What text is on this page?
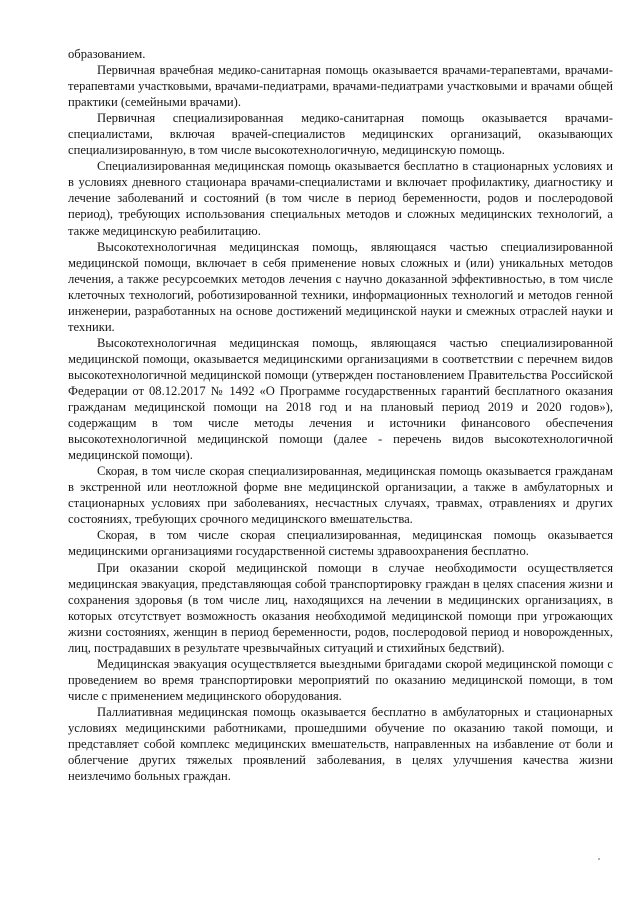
образованием.

Первичная врачебная медико-санитарная помощь оказывается врачами-терапевтами, врачами-терапевтами участковыми, врачами-педиатрами, врачами-педиатрами участковыми и врачами общей практики (семейными врачами).

Первичная специализированная медико-санитарная помощь оказывается врачами-специалистами, включая врачей-специалистов медицинских организаций, оказывающих специализированную, в том числе высокотехнологичную, медицинскую помощь.

Специализированная медицинская помощь оказывается бесплатно в стационарных условиях и в условиях дневного стационара врачами-специалистами и включает профилактику, диагностику и лечение заболеваний и состояний (в том числе в период беременности, родов и послеродовой период), требующих использования специальных методов и сложных медицинских технологий, а также медицинскую реабилитацию.

Высокотехнологичная медицинская помощь, являющаяся частью специализированной медицинской помощи, включает в себя применение новых сложных и (или) уникальных методов лечения, а также ресурсоемких методов лечения с научно доказанной эффективностью, в том числе клеточных технологий, роботизированной техники, информационных технологий и методов генной инженерии, разработанных на основе достижений медицинской науки и смежных отраслей науки и техники.

Высокотехнологичная медицинская помощь, являющаяся частью специализированной медицинской помощи, оказывается медицинскими организациями в соответствии с перечнем видов высокотехнологичной медицинской помощи (утвержден постановлением Правительства Российской Федерации от 08.12.2017 № 1492 «О Программе государственных гарантий бесплатного оказания гражданам медицинской помощи на 2018 год и на плановый период 2019 и 2020 годов»), содержащим в том числе методы лечения и источники финансового обеспечения высокотехнологичной медицинской помощи (далее - перечень видов высокотехнологичной медицинской помощи).

Скорая, в том числе скорая специализированная, медицинская помощь оказывается гражданам в экстренной или неотложной форме вне медицинской организации, а также в амбулаторных и стационарных условиях при заболеваниях, несчастных случаях, травмах, отравлениях и других состояниях, требующих срочного медицинского вмешательства.

Скорая, в том числе скорая специализированная, медицинская помощь оказывается медицинскими организациями государственной системы здравоохранения бесплатно.

При оказании скорой медицинской помощи в случае необходимости осуществляется медицинская эвакуация, представляющая собой транспортировку граждан в целях спасения жизни и сохранения здоровья (в том числе лиц, находящихся на лечении в медицинских организациях, в которых отсутствует возможность оказания необходимой медицинской помощи при угрожающих жизни состояниях, женщин в период беременности, родов, послеродовой период и новорожденных, лиц, пострадавших в результате чрезвычайных ситуаций и стихийных бедствий).

Медицинская эвакуация осуществляется выездными бригадами скорой медицинской помощи с проведением во время транспортировки мероприятий по оказанию медицинской помощи, в том числе с применением медицинского оборудования.

Паллиативная медицинская помощь оказывается бесплатно в амбулаторных и стационарных условиях медицинскими работниками, прошедшими обучение по оказанию такой помощи, и представляет собой комплекс медицинских вмешательств, направленных на избавление от боли и облегчение других тяжелых проявлений заболевания, в целях улучшения качества жизни неизлечимо больных граждан.
